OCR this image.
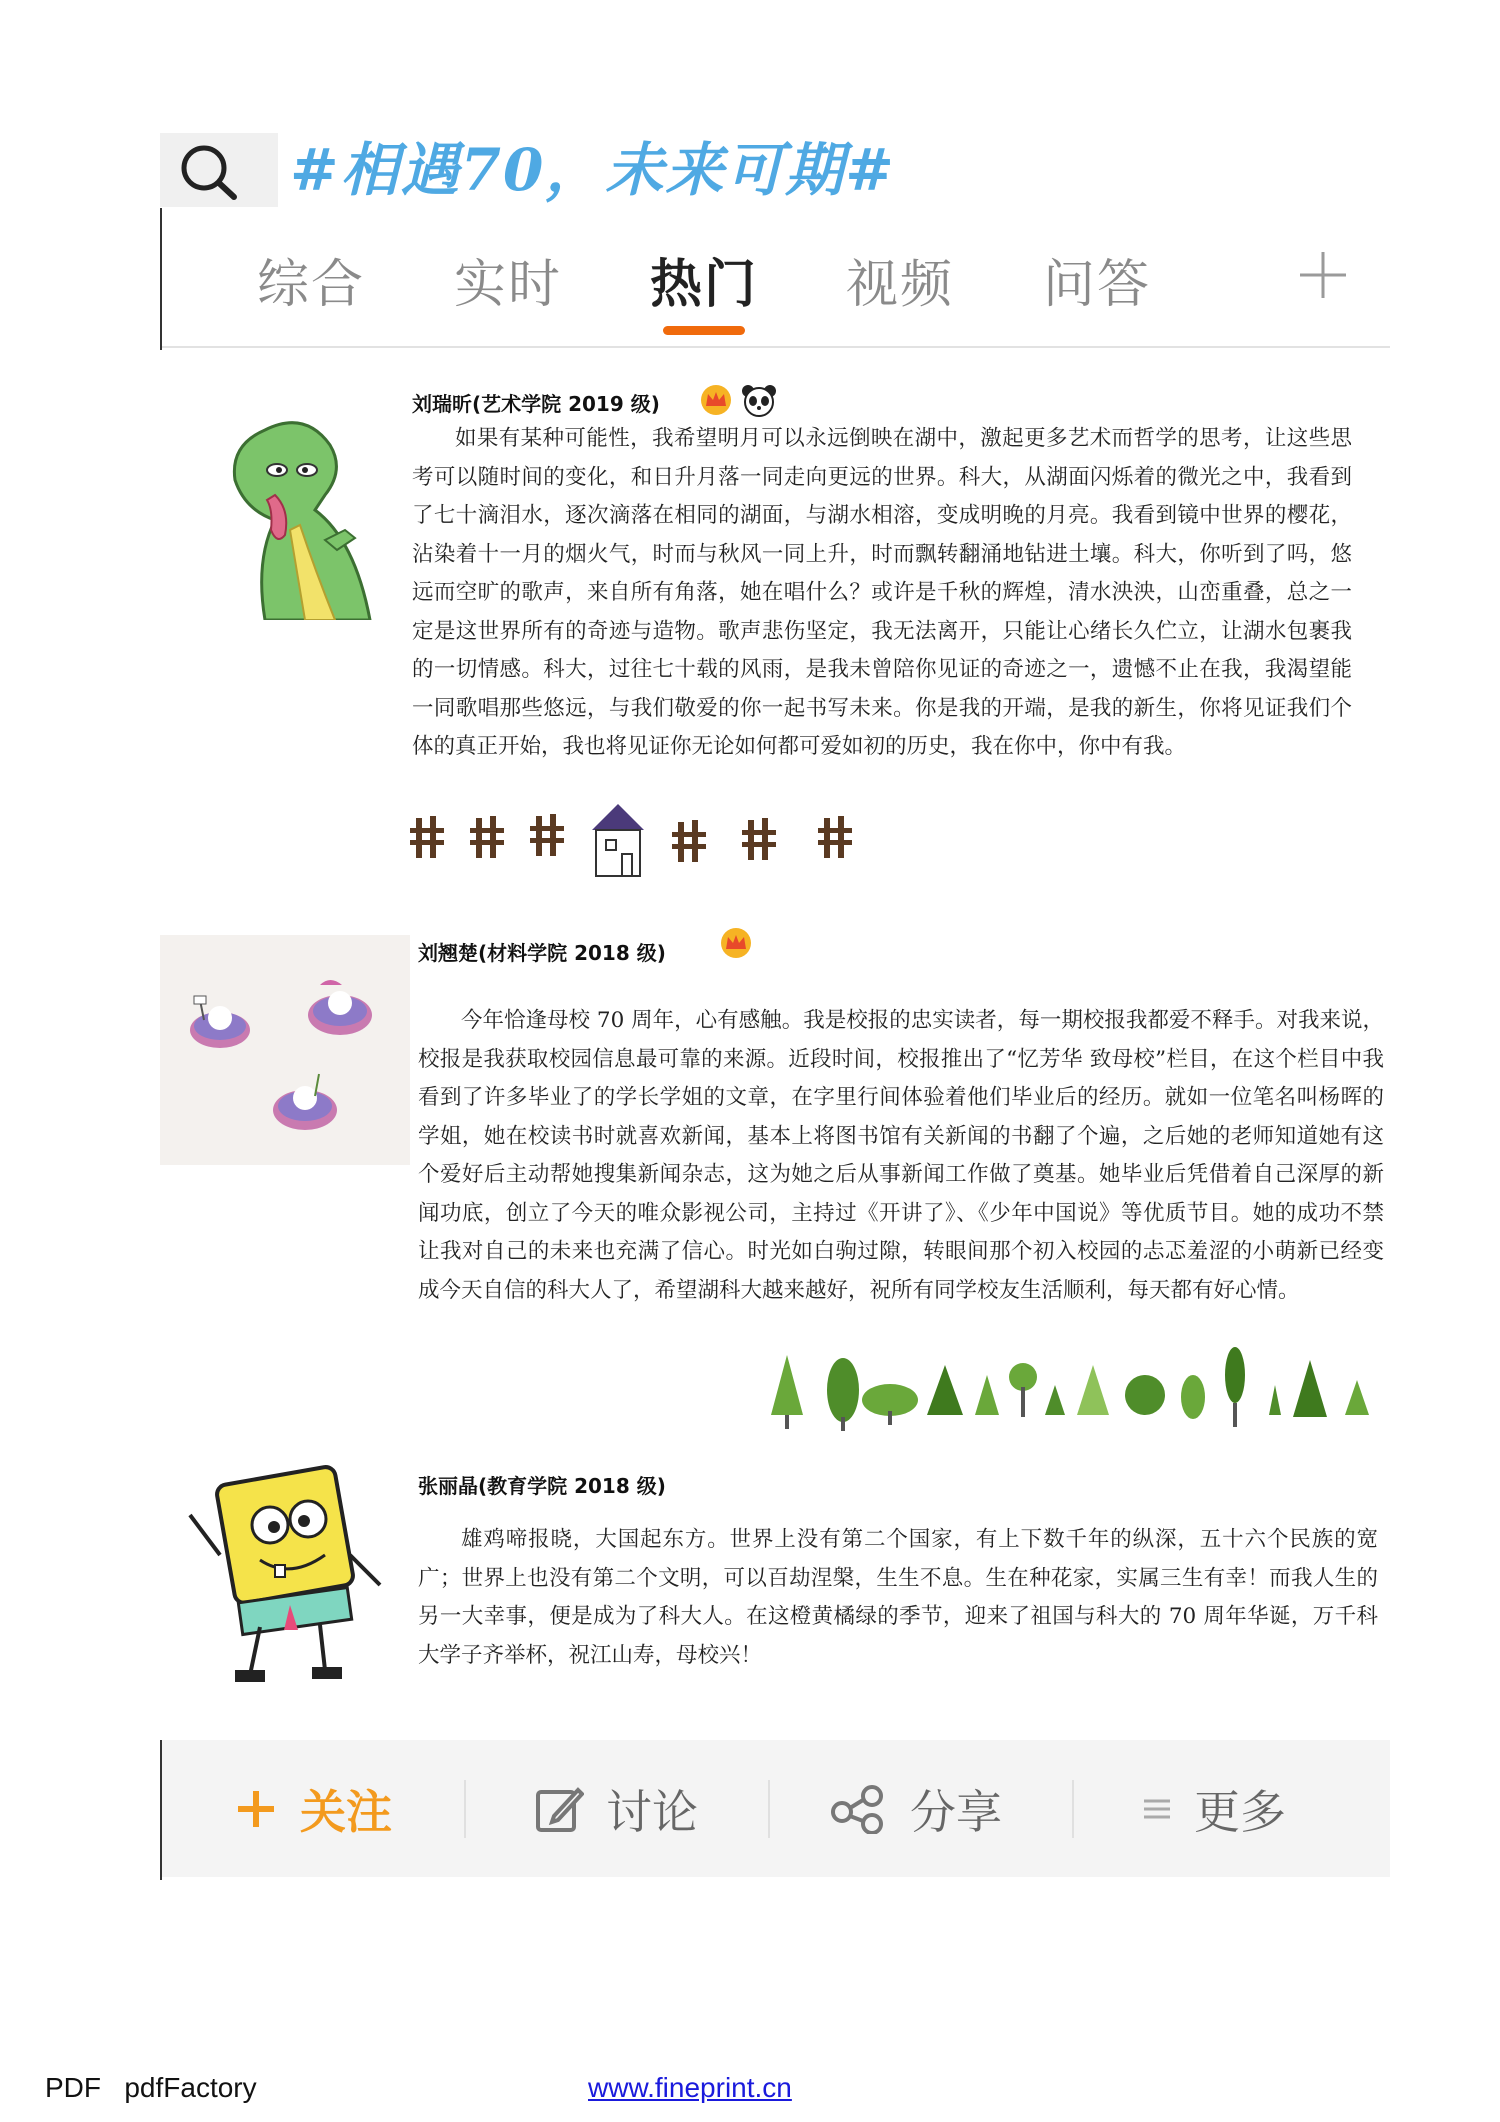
#相遇70，未来可期#
综合	实时	热门	视频	问答
刘瑞昕(艺术学院 2019 级)
如果有某种可能性，我希望明月可以永远倒映在湖中，激起更多艺术而哲学的思考，让这些思考可以随时间的变化，和日升月落一同走向更远的世界。科大，从湖面闪烁着的微光之中，我看到了七十滴泪水，逐次滴落在相同的湖面，与湖水相溶，变成明晚的月亮。我看到镜中世界的樱花，沾染着十一月的烟火气，时而与秋风一同上升，时而飘转翻涌地钻进土壤。科大，你听到了吗，悠远而空旷的歌声，来自所有角落，她在唱什么？或许是千秋的辉煌，清水泱泱，山峦重叠，总之一定是这世界所有的奇迹与造物。歌声悲伤坚定，我无法离开，只能让心绪长久伫立，让湖水包裹我的一切情感。科大，过往七十载的风雨，是我未曾陪你见证的奇迹之一，遗憾不止在我，我渴望能一同歌唱那些悠远，与我们敬爱的你一起书写未来。你是我的开端，是我的新生，你将见证我们个体的真正开始，我也将见证你无论如何都可爱如初的历史，我在你中，你中有我。
刘翘楚(材料学院 2018 级)
今年恰逢母校 70 周年，心有感触。我是校报的忠实读者，每一期校报我都爱不释手。对我来说，校报是我获取校园信息最可靠的来源。近段时间，校报推出了“忆芳华 致母校”栏目，在这个栏目中我看到了许多毕业了的学长学姐的文章，在字里行间体验着他们毕业后的经历。就如一位笔名叫杨晖的学姐，她在校读书时就喜欢新闻，基本上将图书馆有关新闻的书翻了个遍，之后她的老师知道她有这个爱好后主动帮她搜集新闻杂志，这为她之后从事新闻工作做了奠基。她毕业后凭借着自己深厚的新闻功底，创立了今天的唯众影视公司，主持过《开讲了》、《少年中国说》等优质节目。她的成功不禁让我对自己的未来也充满了信心。时光如白驹过隙，转眼间那个初入校园的忐忑羞涩的小萌新已经变成今天自信的科大人了，希望湖科大越来越好，祝所有同学校友生活顺利，每天都有好心情。
张丽晶(教育学院 2018 级)
雄鸡啼报晓，大国起东方。世界上没有第二个国家，有上下数千年的纵深，五十六个民族的宽广；世界上也没有第二个文明，可以百劫涅槃，生生不息。生在种花家，实属三生有幸！而我人生的另一大幸事，便是成为了科大人。在这橙黄橘绿的季节，迎来了祖国与科大的 70 周年华诞，万千科大学子齐举杯，祝江山寿，母校兴！
关注	讨论	分享	更多
PDF   pdfFactory	www.fineprint.cn
